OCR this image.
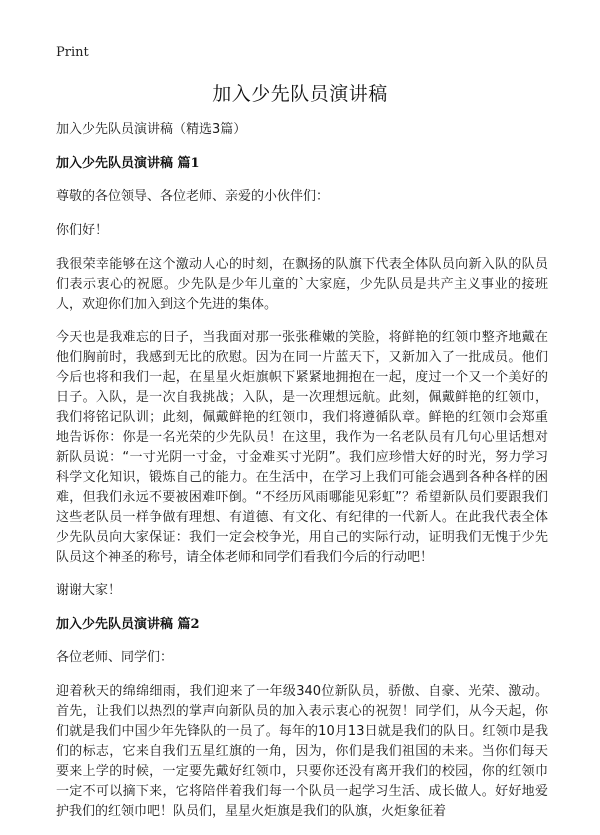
Print
加入少先队员演讲稿

加入少先队员演讲稿（精选3篇）

加入少先队员演讲稿 篇1

尊敬的各位领导、各位老师、亲爱的小伙伴们：

你们好！

我很荣幸能够在这个激动人心的时刻，在飘扬的队旗下代表全体队员向新入队的队员们表示衷心的祝愿。少先队是少年儿童的`大家庭，少先队员是共产主义事业的接班人，欢迎你们加入到这个先进的集体。

今天也是我难忘的日子，当我面对那一张张稚嫩的笑脸，将鲜艳的红领巾整齐地戴在他们胸前时，我感到无比的欣慰。因为在同一片蓝天下，又新加入了一批成员。他们今后也将和我们一起，在星星火炬旗帜下紧紧地拥抱在一起，度过一个又一个美好的日子。入队，是一次自我挑战；入队，是一次理想远航。此刻，佩戴鲜艳的红领巾，我们将铭记队训；此刻，佩戴鲜艳的红领巾，我们将遵循队章。鲜艳的红领巾会郑重地告诉你：你是一名光荣的少先队员！在这里，我作为一名老队员有几句心里话想对新队员说：“一寸光阴一寸金，寸金难买寸光阴”。我们应珍惜大好的时光，努力学习科学文化知识，锻炼自己的能力。在生活中，在学习上我们可能会遇到各种各样的困难，但我们永远不要被困难吓倒。“不经历风雨哪能见彩虹”？希望新队员们要跟我们这些老队员一样争做有理想、有道德、有文化、有纪律的一代新人。在此我代表全体少先队员向大家保证：我们一定会校争光，用自己的实际行动，证明我们无愧于少先队员这个神圣的称号，请全体老师和同学们看我们今后的行动吧！

谢谢大家！

加入少先队员演讲稿 篇2

各位老师、同学们：

迎着秋天的绵绵细雨，我们迎来了一年级340位新队员，骄傲、自豪、光荣、激动。首先，让我们以热烈的掌声向新队员的加入表示衷心的祝贺！同学们，从今天起，你们就是我们中国少年先锋队的一员了。每年的10月13日就是我们的队日。红领巾是我们的标志，它来自我们五星红旗的一角，因为，你们是我们祖国的未来。当你们每天要来上学的时候，一定要先戴好红领巾，只要你还没有离开我们的校园，你的红领巾一定不可以摘下来，它将陪伴着我们每一个队员一起学习生活、成长做人。好好地爱护我们的红领巾吧！队员们，星星火炬旗是我们的队旗，火炬象征着
